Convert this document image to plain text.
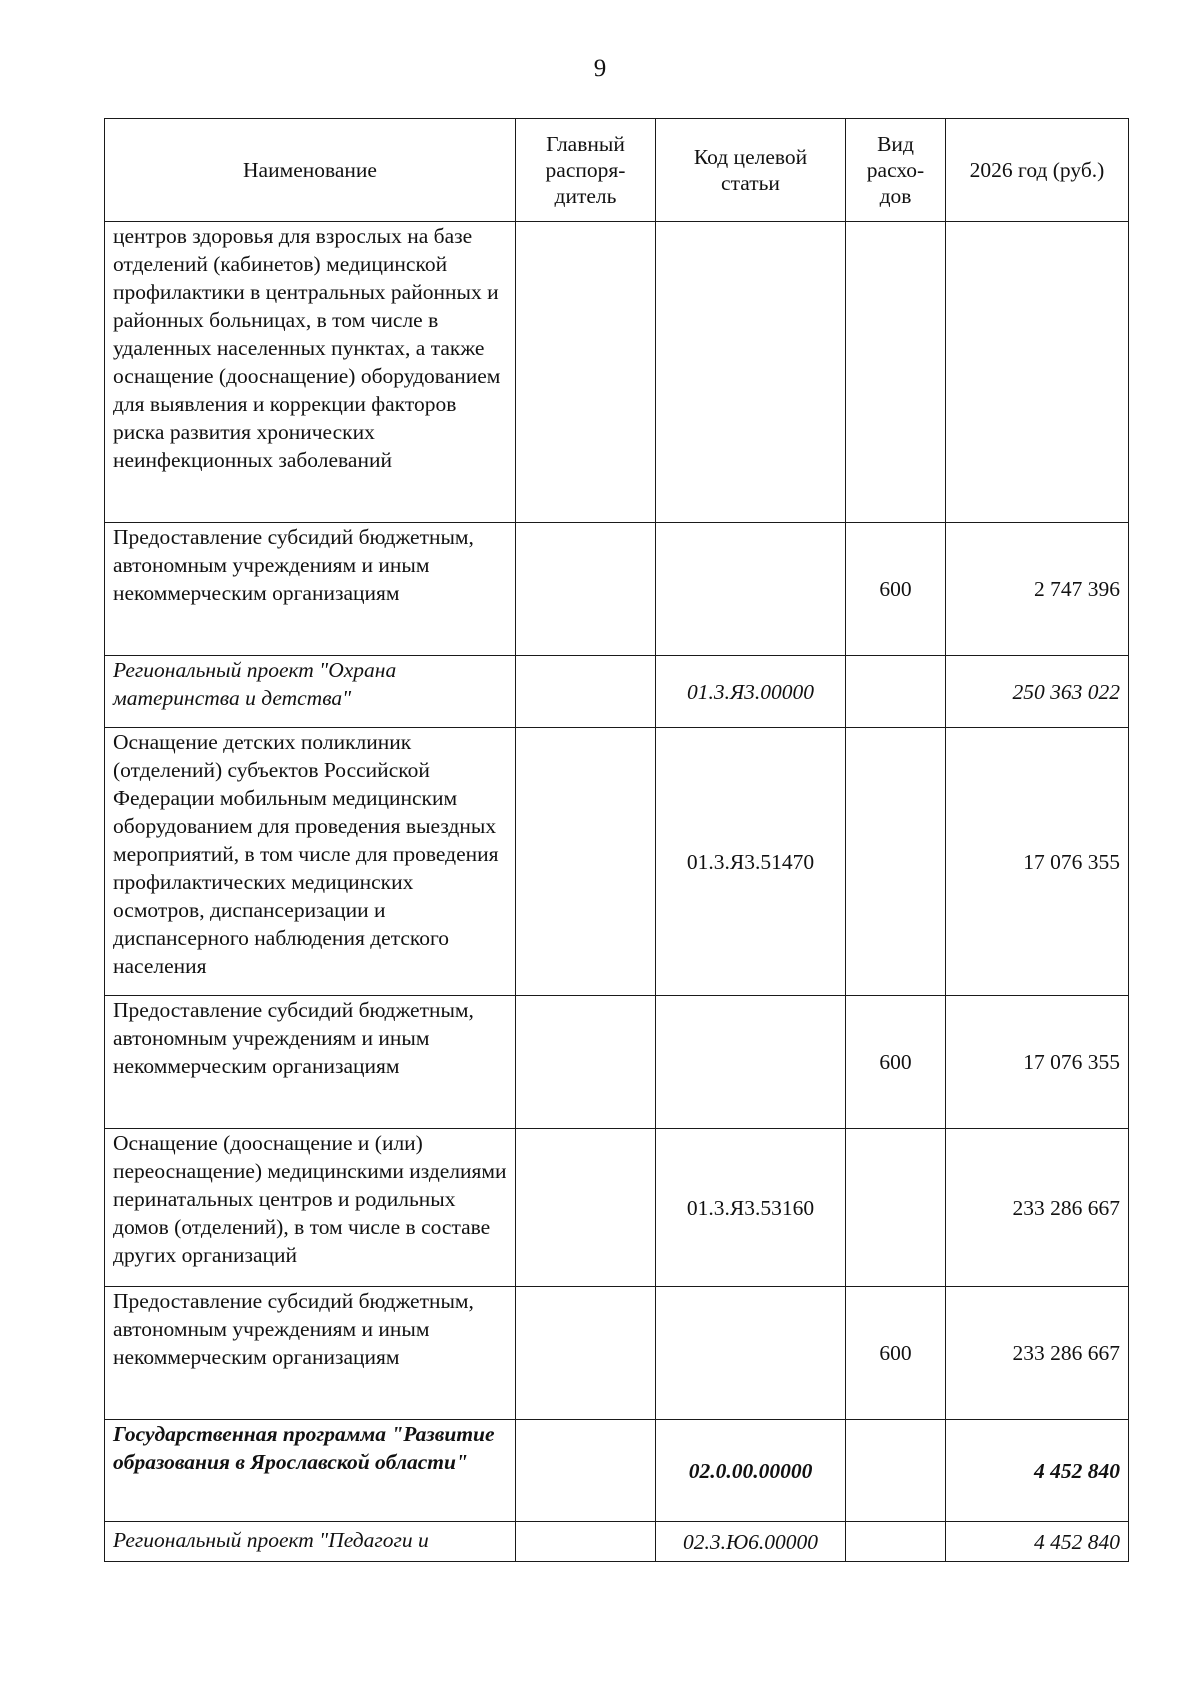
9
Наименование	Главный распоря-дитель	Код целевой статьи	Вид расхо-дов	2026 год (руб.)
центров здоровья для взрослых на базе отделений (кабинетов) медицинской профилактики в центральных районных и районных больницах, в том числе в удаленных населенных пунктах, а также оснащение (дооснащение) оборудованием для выявления и коррекции факторов риска развития хронических неинфекционных заболеваний				
Предоставление субсидий бюджетным, автономным учреждениям и иным некоммерческим организациям			600	2 747 396
Региональный проект "Охрана материнства и детства"		01.3.Я3.00000		250 363 022
Оснащение детских поликлиник (отделений) субъектов Российской Федерации мобильным медицинским оборудованием для проведения выездных мероприятий, в том числе для проведения профилактических медицинских осмотров, диспансеризации и диспансерного наблюдения детского населения		01.3.Я3.51470		17 076 355
Предоставление субсидий бюджетным, автономным учреждениям и иным некоммерческим организациям			600	17 076 355
Оснащение (дооснащение и (или) переоснащение) медицинскими изделиями перинатальных центров и родильных домов (отделений), в том числе в составе других организаций		01.3.Я3.53160		233 286 667
Предоставление субсидий бюджетным, автономным учреждениям и иным некоммерческим организациям			600	233 286 667
Государственная программа "Развитие образования в Ярославской области"		02.0.00.00000		4 452 840
Региональный проект "Педагоги и		02.3.Ю6.00000		4 452 840
